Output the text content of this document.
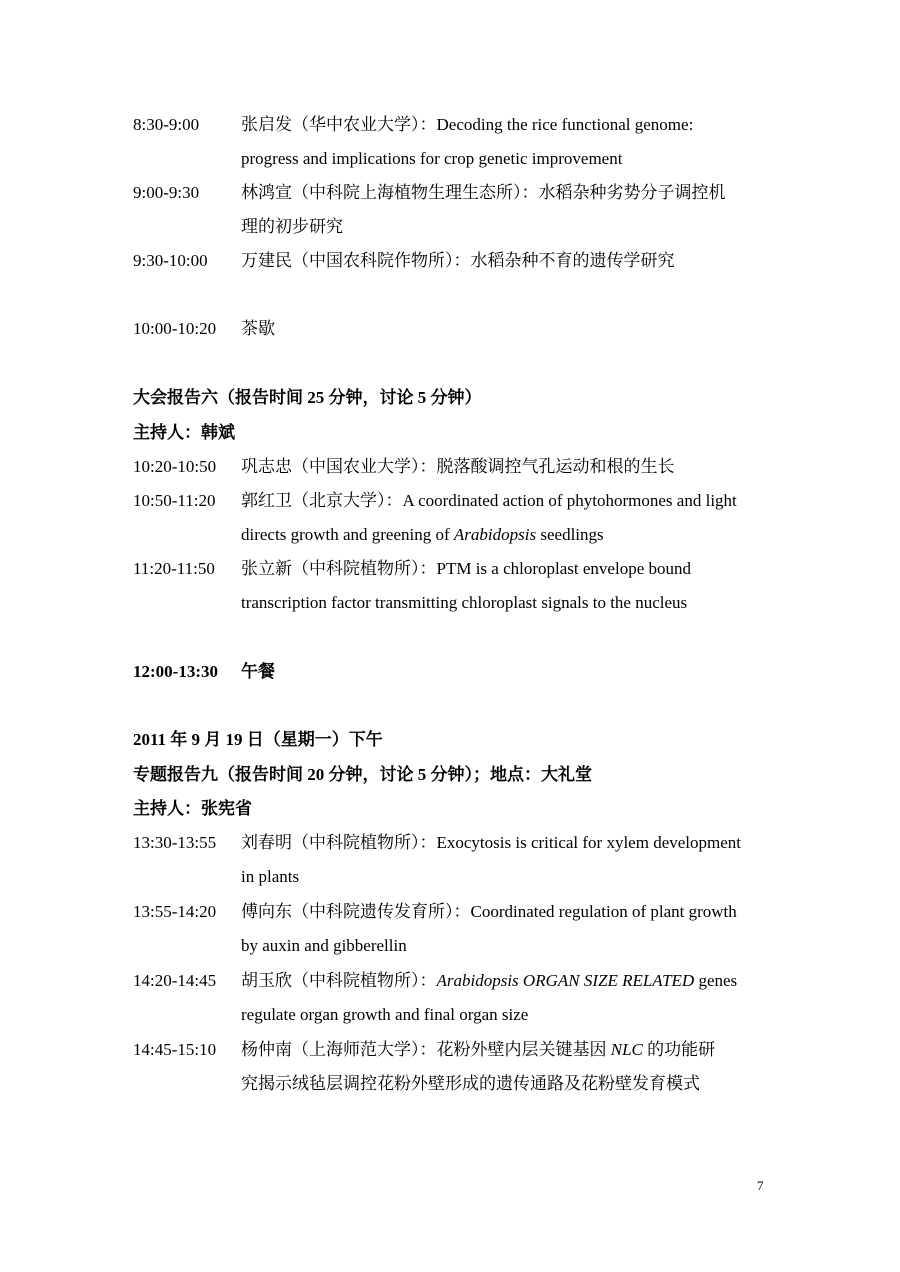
8:30-9:00 张启发（华中农业大学）：Decoding the rice functional genome:
progress and implications for crop genetic improvement
9:00-9:30 林鸿宣（中科院上海植物生理生态所）：水稻杂种劣势分子调控机
理的初步研究
9:30-10:00 万建民（中国农科院作物所）：水稻杂种不育的遗传学研究
10:00-10:20 茶歇
大会报告六（报告时间 25 分钟，讨论 5 分钟）
主持人：韩斌
10:20-10:50 巩志忠（中国农业大学）：脱落酸调控气孔运动和根的生长
10:50-11:20 郭红卫（北京大学）：A coordinated action of phytohormones and light
directs growth and greening of Arabidopsis seedlings
11:20-11:50 张立新（中科院植物所）：PTM is a chloroplast envelope bound
transcription factor transmitting chloroplast signals to the nucleus
12:00-13:30 午餐
2011 年 9 月 19 日（星期一）下午
专题报告九（报告时间 20 分钟，讨论 5 分钟）；地点：大礼堂
主持人：张宪省
13:30-13:55 刘春明（中科院植物所）：Exocytosis is critical for xylem development
in plants
13:55-14:20 傅向东（中科院遗传发育所）：Coordinated regulation of plant growth
by auxin and gibberellin
14:20-14:45 胡玉欣（中科院植物所）：Arabidopsis ORGAN SIZE RELATED genes
regulate organ growth and final organ size
14:45-15:10 杨仲南（上海师范大学）：花粉外壁内层关键基因 NLC 的功能研
究揭示绒毡层调控花粉外壁形成的遗传通路及花粉壁发育模式
7
